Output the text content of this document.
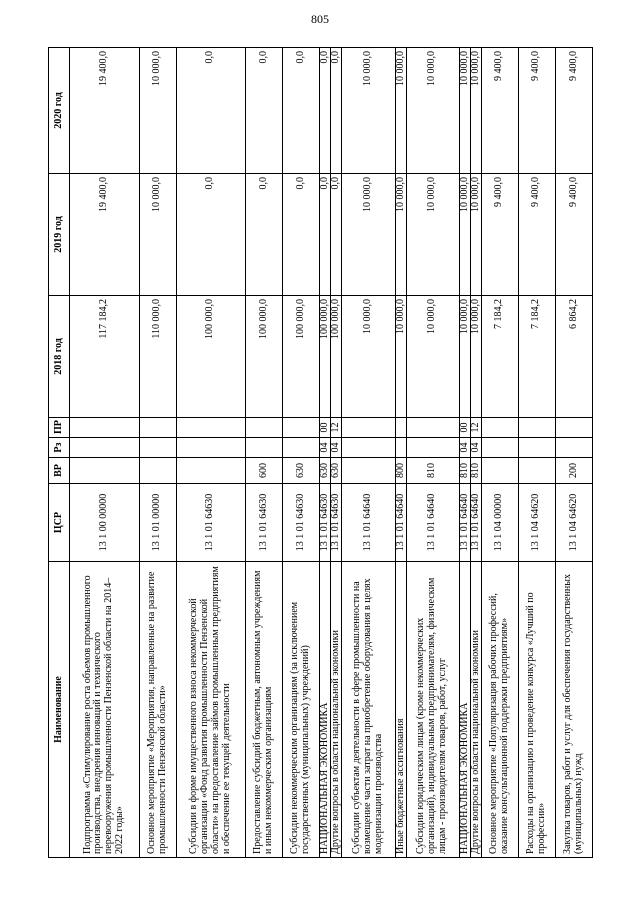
805
Наименование	ЦСР	ВР	Рз	ПР	2018 год	2019 год	2020 год
Подпрограмма «Стимулирование роста объемов промышленного производства, внедрения инноваций и технического перевооружения промышленности Пензенской области на 2014–2022 годы»	13 1 00 00000				117 184,2	19 400,0	19 400,0
Основное мероприятие «Мероприятия, направленные на развитие промышленности Пензенской области»	13 1 01 00000				110 000,0	10 000,0	10 000,0
Субсидии в форме имущественного взноса некоммерческой организации «Фонд развития промышленности Пензенской области» на предоставление займов промышленным предприятиям и обеспечение ее текущей деятельности	13 1 01 64630				100 000,0	0,0	0,0
Предоставление субсидий бюджетным, автономным учреждениям и иным некоммерческим организациям	13 1 01 64630	600			100 000,0	0,0	0,0
Субсидии некоммерческим организациям (за исключением государственных (муниципальных) учреждений)	13 1 01 64630	630			100 000,0	0,0	0,0
НАЦИОНАЛЬНАЯ ЭКОНОМИКА	13 1 01 64630	630	04	00	100 000,0	0,0	0,0
Другие вопросы в области национальной экономики	13 1 01 64630	630	04	12	100 000,0	0,0	0,0
Субсидии субъектам деятельности в сфере промышленности на возмещение части затрат на приобретение оборудования в целях модернизации производства	13 1 01 64640				10 000,0	10 000,0	10 000,0
Иные бюджетные ассигнования	13 1 01 64640	800			10 000,0	10 000,0	10 000,0
Субсидии юридическим лицам (кроме некоммерческих организаций), индивидуальным предпринимателям, физическим лицам - производителям товаров, работ, услуг	13 1 01 64640	810			10 000,0	10 000,0	10 000,0
НАЦИОНАЛЬНАЯ ЭКОНОМИКА	13 1 01 64640	810	04	00	10 000,0	10 000,0	10 000,0
Другие вопросы в области национальной экономики	13 1 01 64640	810	04	12	10 000,0	10 000,0	10 000,0
Основное мероприятие «Популяризация рабочих профессий, оказание консультационной поддержки предприятиям»	13 1 04 00000				7 184,2	9 400,0	9 400,0
Расходы на организацию и проведение конкурса «Лучший по профессии»	13 1 04 64620				7 184,2	9 400,0	9 400,0
Закупка товаров, работ и услуг для обеспечения государственных (муниципальных) нужд	13 1 04 64620	200			6 864,2	9 400,0	9 400,0
